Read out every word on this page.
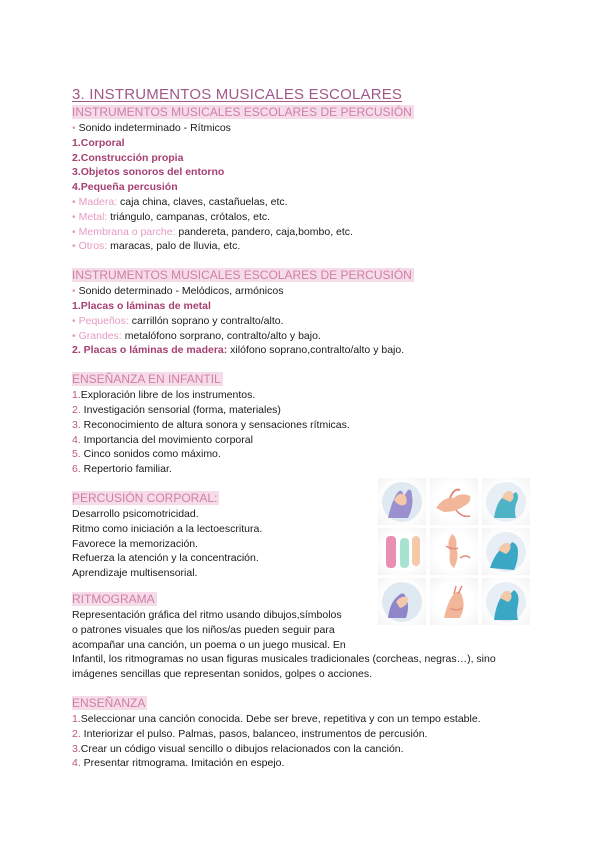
3. INSTRUMENTOS MUSICALES ESCOLARES
INSTRUMENTOS MUSICALES ESCOLARES DE PERCUSIÓN
• Sonido indeterminado - Rítmicos
1.Corporal
2.Construcción propia
3.Objetos sonoros del entorno
4.Pequeña percusión
• Madera: caja china, claves, castañuelas, etc.
• Metal: triángulo, campanas, crótalos, etc.
• Membrana o parche: pandereta, pandero, caja,bombo, etc.
• Otros: maracas, palo de lluvia, etc.
INSTRUMENTOS MUSICALES ESCOLARES DE PERCUSIÓN
• Sonido determinado - Melódicos, armónicos
1.Placas o láminas de metal
• Pequeños: carrillón soprano y contralto/alto.
• Grandes: metalófono sorprano, contralto/alto y bajo.
2. Placas o láminas de madera: xilófono soprano,contralto/alto y bajo.
ENSEÑANZA EN INFANTIL
1.Exploración libre de los instrumentos.
2. Investigación sensorial (forma, materiales)
3. Reconocimiento de altura sonora y sensaciones rítmicas.
4. Importancia del movimiento corporal
5. Cinco sonidos como máximo.
6. Repertorio familiar.
PERCUSIÓN CORPORAL:
Desarrollo psicomotricidad.
Ritmo como iniciación a la lectoescritura.
Favorece la memorización.
Refuerza la atención y la concentración.
Aprendizaje multisensorial.
RITMOGRAMA
Representación gráfica del ritmo usando dibujos,símbolos
o patrones visuales que los niños/as pueden seguir para
acompañar una canción, un poema o un juego musical. En
Infantil, los ritmogramas no usan figuras musicales tradicionales (corcheas, negras…), sino
imágenes sencillas que representan sonidos, golpes o acciones.
ENSEÑANZA
1.Seleccionar una canción conocida. Debe ser breve, repetitiva y con un tempo estable.
2. Interiorizar el pulso. Palmas, pasos, balanceo, instrumentos de percusión.
3.Crear un código visual sencillo o dibujos relacionados con la canción.
4. Presentar ritmograma. Imitación en espejo.
